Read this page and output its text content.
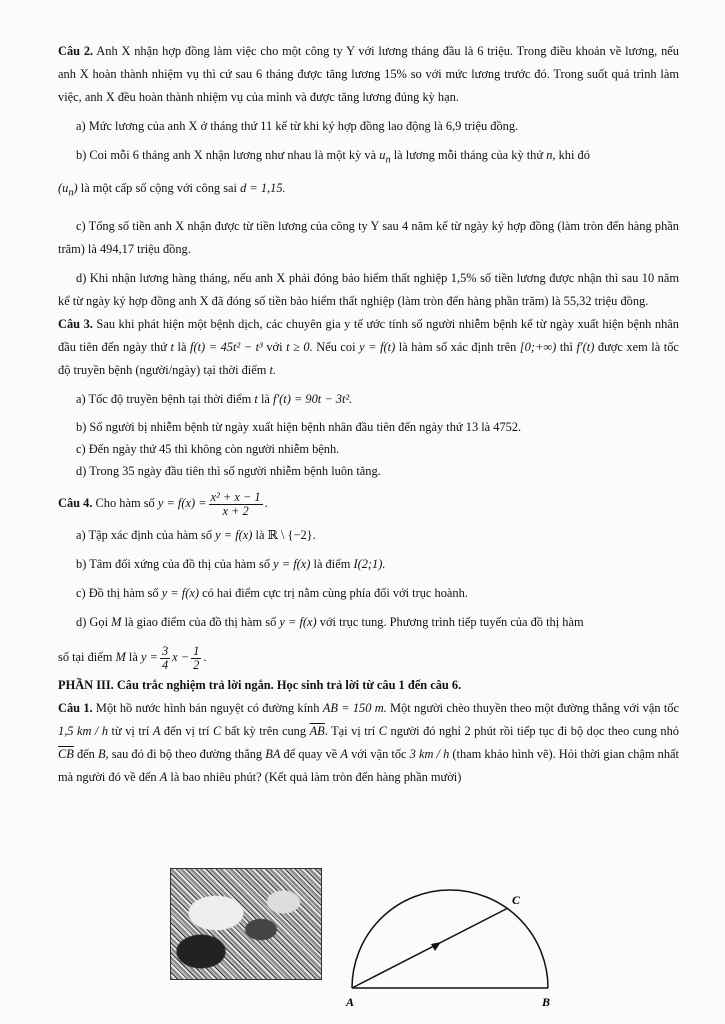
Câu 2. Anh X nhận hợp đồng làm việc cho một công ty Y với lương tháng đầu là 6 triệu. Trong điều khoản về lương, nếu anh X hoàn thành nhiệm vụ thì cứ sau 6 tháng được tăng lương 15% so với mức lương trước đó. Trong suốt quá trình làm việc, anh X đều hoàn thành nhiệm vụ của mình và được tăng lương đúng kỳ hạn.

a) Mức lương của anh X ở tháng thứ 11 kể từ khi ký hợp đồng lao động là 6,9 triệu đồng.

b) Coi mỗi 6 tháng anh X nhận lương như nhau là một kỳ và $u_n$ là lương mỗi tháng của kỳ thứ n, khi đó

$(u_n)$ là một cấp số cộng với công sai d = 1,15.

c) Tổng số tiền anh X nhận được từ tiền lương của công ty Y sau 4 năm kể từ ngày ký hợp đồng (làm tròn đến hàng phần trăm) là 494,17 triệu đồng.

d) Khi nhận lương hàng tháng, nếu anh X phải đóng bảo hiểm thất nghiệp 1,5% số tiền lương được nhận thì sau 10 năm kể từ ngày ký hợp đồng anh X đã đóng số tiền bảo hiểm thất nghiệp (làm tròn đến hàng phần trăm) là 55,32 triệu đồng.

Câu 3. Sau khi phát hiện một bệnh dịch, các chuyên gia y tế ước tính số người nhiễm bệnh kể từ ngày xuất hiện bệnh nhân đầu tiên đến ngày thứ t là f(t) = 45t² − t³ với t ≥ 0. Nếu coi y = f(t) là hàm số xác định trên [0;+∞) thì f′(t) được xem là tốc độ truyền bệnh (người/ngày) tại thời điểm t.

a) Tốc độ truyền bệnh tại thời điểm t là f′(t) = 90t − 3t².

b) Số người bị nhiễm bệnh từ ngày xuất hiện bệnh nhân đầu tiên đến ngày thứ 13 là 4752.

c) Đến ngày thứ 45 thì không còn người nhiễm bệnh.

d) Trong 35 ngày đầu tiên thì số người nhiễm bệnh luôn tăng.

Câu 4. Cho hàm số $y = f(x) = \frac{\text{x² + x − 1}}{x + 2}$ .

a) Tập xác định của hàm số y = f(x) là ℝ \ {−2}.

b) Tâm đối xứng của đồ thị của hàm số y = f(x) là điểm I(2;1).

c) Đồ thị hàm số y = f(x) có hai điểm cực trị nằm cùng phía đối với trục hoành.

d) Gọi M là giao điểm của đồ thị hàm số y = f(x) với trục tung. Phương trình tiếp tuyến của đồ thị hàm

số tại điểm M là $y = \frac{3}{4}$ $x - \frac{1}{2}$ .

PHẦN III. Câu trắc nghiệm trả lời ngắn. Học sinh trả lời từ câu 1 đến câu 6.

Câu 1. Một hồ nước hình bán nguyệt có đường kính AB = 150 m. Một người chèo thuyền theo một đường thẳng với vận tốc 1,5 km / h từ vị trí A đến vị trí C bất kỳ trên cung $\overline{AB}$. Tại vị trí C người đó nghỉ 2 phút rồi tiếp tục đi bộ dọc theo cung nhỏ $\overline{CB}$ đến B, sau đó đi bộ theo đường thẳng BA để quay về A với vận tốc 3 km / h (tham khảo hình vẽ). Hỏi thời gian chậm nhất mà người đó về đến A là bao nhiêu phút? (Kết quả làm tròn đến hàng phần mười)

A	B
C
